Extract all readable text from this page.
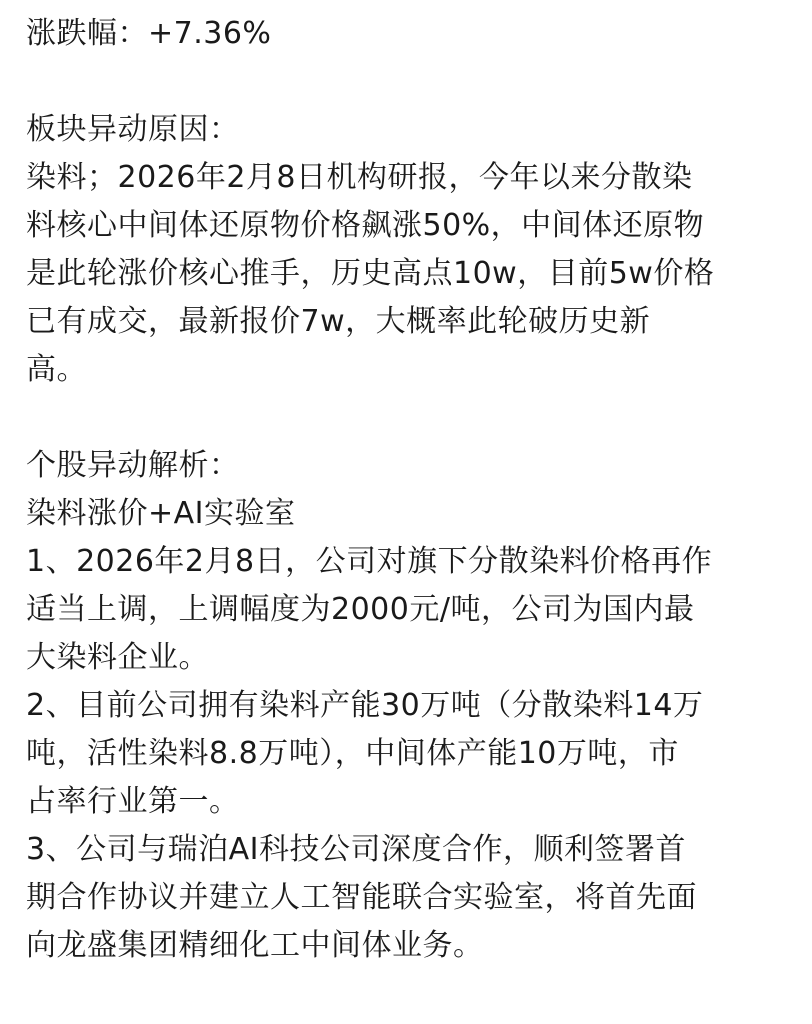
涨跌幅：+7.36%
板块异动原因：
染料；2026年2月8日机构研报，今年以来分散染
料核心中间体还原物价格飙涨50%，中间体还原物
是此轮涨价核心推手，历史高点10w，目前5w价格
已有成交，最新报价7w，大概率此轮破历史新
高。
个股异动解析：
染料涨价+AI实验室
1、2026年2月8日，公司对旗下分散染料价格再作
适当上调，上调幅度为2000元/吨，公司为国内最
大染料企业。
2、目前公司拥有染料产能30万吨（分散染料14万
吨，活性染料8.8万吨），中间体产能10万吨，市
占率行业第一。
3、公司与瑞泊AI科技公司深度合作，顺利签署首
期合作协议并建立人工智能联合实验室，将首先面
向龙盛集团精细化工中间体业务。
